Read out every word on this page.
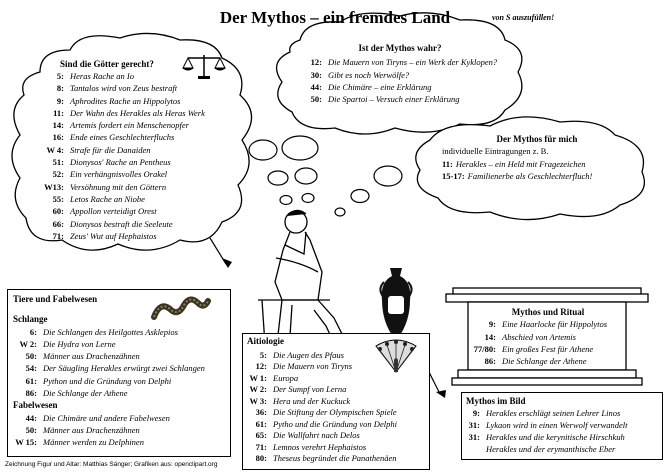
Der Mythos – ein fremdes Land	von S auszufüllen!
Sind die Götter gerecht?
5: Heras Rache an Io
8: Tantalos wird von Zeus bestraft
9: Aphrodites Rache an Hippolytos
11: Der Wahn des Herakles als Heras Werk
14: Artemis fordert ein Menschenopfer
16: Ende eines Geschlechterfluchs
W 4: Strafe für die Danaiden
51: Dionysos' Rache an Pentheus
52: Ein verhängnisvolles Orakel
W13: Versöhnung mit den Göttern
55: Letos Rache an Niobe
60: Appollon verteidigt Orest
66: Dionysos bestraft die Seeleute
71: Zeus' Wut auf Hephaistos
Ist der Mythos wahr?
12: Die Mauern von Tiryns – ein Werk der Kyklopen?
30: Gibt es noch Werwölfe?
44: Die Chimäre – eine Erklärung
50: Die Spartoi – Versuch einer Erklärung
Der Mythos für mich
individuelle Eintragungen z. B.
11: Herakles – ein Held mit Fragezeichen
15-17: Familienerbe als Geschlechterfluch!
Tiere und Fabelwesen
Schlange
6: Die Schlangen des Heilgottes Asklepios
W 2: Die Hydra von Lerne
50: Männer aus Drachenzähnen
54: Der Säugling Herakles erwürgt zwei Schlangen
61: Python und die Gründung von Delphi
86: Die Schlange der Athene
Fabelwesen
44: Die Chimäre und andere Fabelwesen
50: Männer aus Drachenzähnen
W 15: Männer werden zu Delphinen
Aitiologie
5: Die Augen des Pfaus
12: Die Mauern von Tiryns
W 1: Europa
W 2: Der Sumpf von Lerna
W 3: Hera und der Kuckuck
36: Die Stiftung der Olympischen Spiele
61: Pytho und die Gründung von Delphi
65: Die Wallfahrt nach Delos
71: Lemnos verehrt Hephaistos
80: Theseus begründet die Panathenäen
Mythos und Ritual
9: Eine Haarlocke für Hippolytos
14: Abschied von Artemis
77/80: Ein großes Fest für Athene
86: Die Schlange der Athene
Mythos im Bild
9: Herakles erschlägt seinen Lehrer Linos
31: Lykaon wird in einen Werwolf verwandelt
31: Herakles und die kerynitische Hirschkuh
Herakles und der erymanthische Eber
Zeichnung Figur und Altar: Matthias Sänger; Grafiken aus: openclipart.org
